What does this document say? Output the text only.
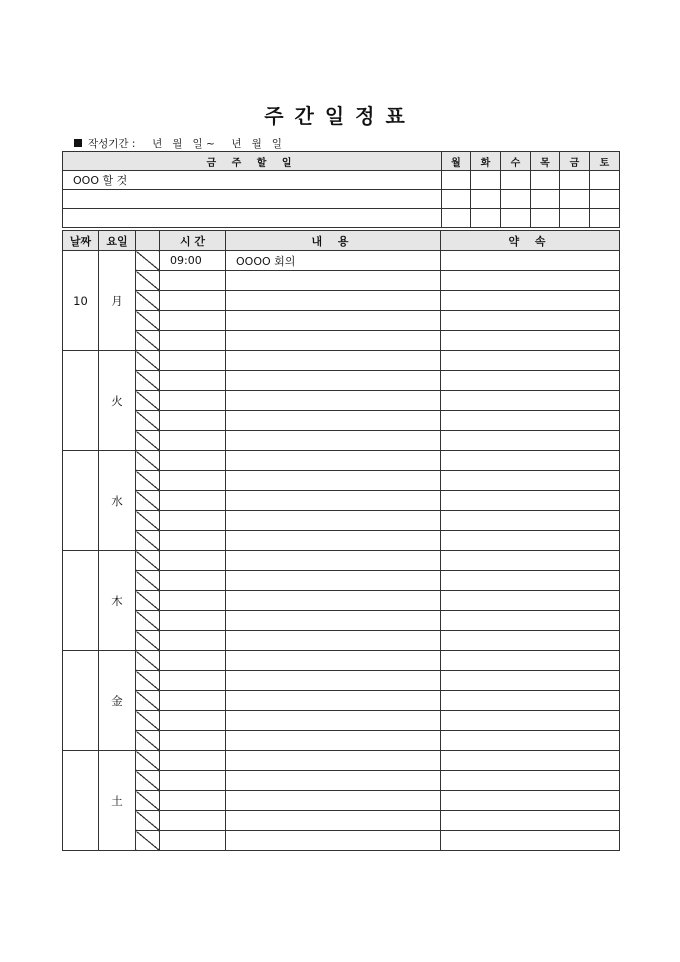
주간일정표
작성기간 : 년   월   일 ~     년   월   일
금 주 할 일	월	화	수	목	금	토
OOO 할 것						

날짜	요일		시 간	내 용	약 속
10	月		09:00	OOOO 회의	

	火				

	水				

	木				

	金				

	土				
